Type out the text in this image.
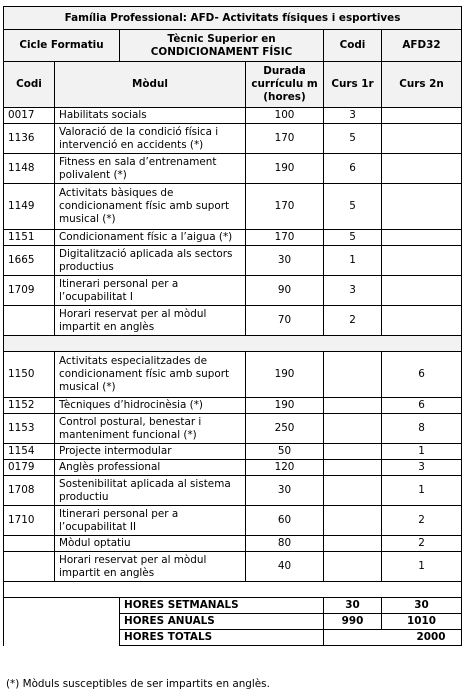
Família Professional: AFD- Activitats físiques i esportives					
Cicle Formatiu		Tècnic Superior en CONDICIONAMENT FÍSIC		Codi	AFD32
Codi	Mòdul		Durada currículu m (hores)	Curs 1r	Curs 2n
0017	Habilitats socials		100	3	
1136	Valoració de la condició física i intervenció en accidents (*)		170	5	
1148	Fitness en sala d’entrenament polivalent (*)		190	6	
1149	Activitats bàsiques de condicionament físic amb suport musical (*)		170	5	
1151	Condicionament físic a l’aigua (*)		170	5	
1665	Digitalització aplicada als sectors productius		30	1	
1709	Itinerari personal per a l’ocupabilitat I		90	3	
	Horari reservat per al mòdul impartit en anglès		70	2	

1150	Activitats especialitzades de condicionament físic amb suport musical (*)		190		6
1152	Tècniques d’hidrocinèsia (*)		190		6
1153	Control postural, benestar i manteniment funcional (*)		250		8
1154	Projecte intermodular		50		1
0179	Anglès professional		120		3
1708	Sostenibilitat aplicada al sistema productiu		30		1
1710	Itinerari personal per a l’ocupabilitat II		60		2
	Mòdul optatiu		80		2
	Horari reservat per al mòdul impartit en anglès		40		1

		HORES SETMANALS		30	30
		HORES ANUALS		990	1010
		HORES TOTALS		2000	
(*) Mòduls susceptibles de ser impartits en anglès.
